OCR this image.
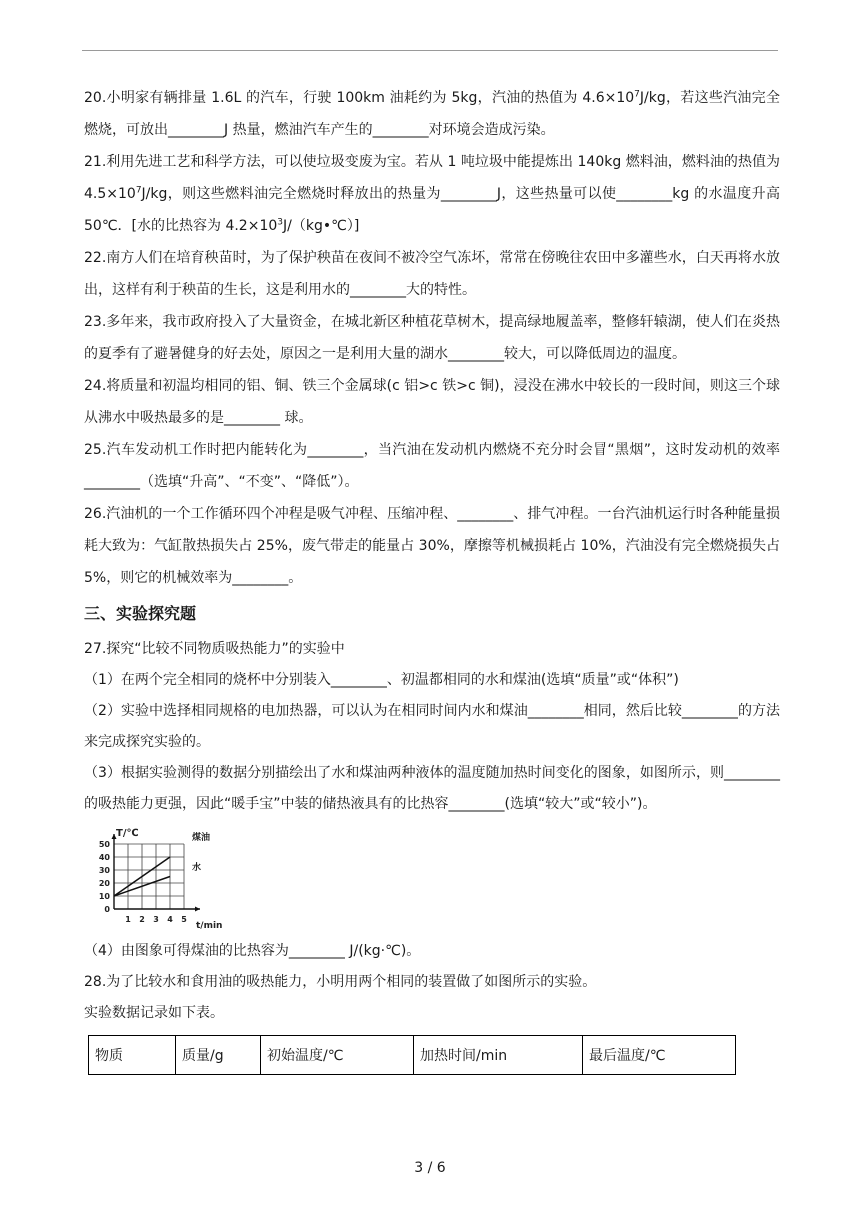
20.小明家有辆排量 1.6L 的汽车，行驶 100km 油耗约为 5kg，汽油的热值为 $4.6\times 10^7J/kg$，若这些汽油完全燃烧，可放出________J 热量，燃油汽车产生的________对环境会造成污染。

21.利用先进工艺和科学方法，可以使垃圾变废为宝。若从 1 吨垃圾中能提炼出 140kg 燃料油，燃料油的热值为 $4.5\times 10^7J/kg$，则这些燃料油完全燃烧时释放出的热量为________J，这些热量可以使________kg 的水温度升高 50℃．[水的比热容为 $4.2\times 10^3J/(kg•℃)$]

22.南方人们在培育秧苗时，为了保护秧苗在夜间不被冷空气冻坏，常常在傍晚往农田中多灌些水，白天再将水放出，这样有利于秧苗的生长，这是利用水的________大的特性。

23.多年来，我市政府投入了大量资金，在城北新区种植花草树木，提高绿地履盖率，整修轩辕湖，使人们在炎热的夏季有了避暑健身的好去处，原因之一是利用大量的湖水________较大，可以降低周边的温度。

24.将质量和初温均相同的铝、铜、铁三个金属球(c 铝>c 铁>c 铜)，浸没在沸水中较长的一段时间，则这三个球从沸水中吸热最多的是________ 球。

25.汽车发动机工作时把内能转化为________，当汽油在发动机内燃烧不充分时会冒“黑烟”，这时发动机的效率　________（选填“升高”、“不变”、“降低”）。

26.汽油机的一个工作循环四个冲程是吸气冲程、压缩冲程、________、排气冲程。一台汽油机运行时各种能量损耗大致为：气缸散热损失占 25%，废气带走的能量占 30%，摩擦等机械损耗占 10%，汽油没有完全燃烧损失占 5%，则它的机械效率为________。

三、实验探究题

27.探究“比较不同物质吸热能力”的实验中

（1）在两个完全相同的烧杯中分别装入________、初温都相同的水和煤油(选填“质量”或“体积”)

（2）实验中选择相同规格的电加热器，可以认为在相同时间内水和煤油________相同，然后比较________的方法来完成探究实验的。

（3）根据实验测得的数据分别描绘出了水和煤油两种液体的温度随加热时间变化的图象，如图所示，则________的吸热能力更强，因此“暖手宝”中装的储热液具有的比热容________(选填“较大”或“较小”)。

0
10
20
30
40
50
1 2 3 4 5
T/℃
t/min
煤油
水

（4）由图象可得煤油的比热容为________ J/(kg·℃)。

28.为了比较水和食用油的吸热能力，小明用两个相同的装置做了如图所示的实验。

实验数据记录如下表。

物质	质量/g	初始温度/℃	加热时间/min	最后温度/℃
3 / 6
